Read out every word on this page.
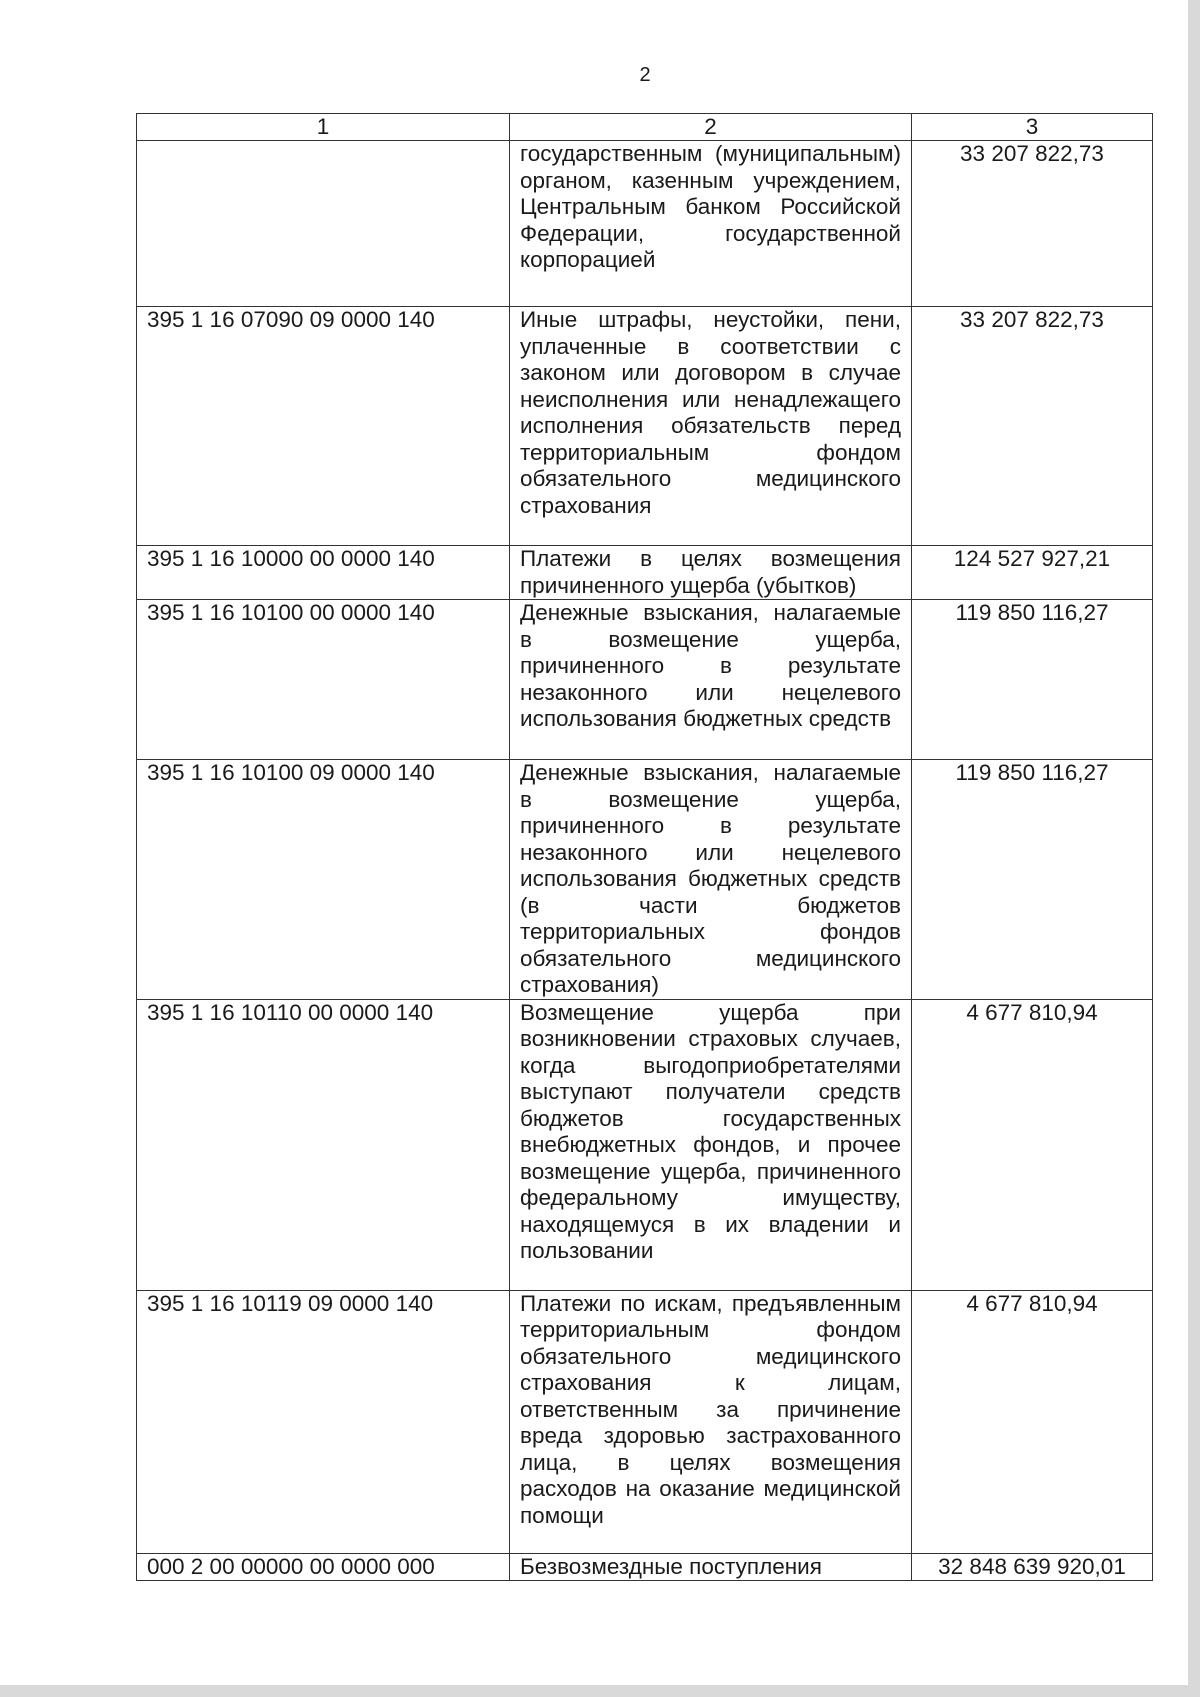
2
1	2	3
	государственным (муниципальным) органом, казенным учреждением, Центральным банком Российской Федерации, государственной корпорацией	33 207 822,73
395 1 16 07090 09 0000 140	Иные штрафы, неустойки, пени, уплаченные в соответствии с законом или договором в случае неисполнения или ненадлежащего исполнения обязательств перед территориальным фондом обязательного медицинского страхования	33 207 822,73
395 1 16 10000 00 0000 140	Платежи в целях возмещения причиненного ущерба (убытков)	124 527 927,21
395 1 16 10100 00 0000 140	Денежные взыскания, налагаемые в возмещение ущерба, причиненного в результате незаконного или нецелевого использования бюджетных средств	119 850 116,27
395 1 16 10100 09 0000 140	Денежные взыскания, налагаемые в возмещение ущерба, причиненного в результате незаконного или нецелевого использования бюджетных средств (в части бюджетов территориальных фондов обязательного медицинского страхования)	119 850 116,27
395 1 16 10110 00 0000 140	Возмещение ущерба при возникновении страховых случаев, когда выгодоприобретателями выступают получатели средств бюджетов государственных внебюджетных фондов, и прочее возмещение ущерба, причиненного федеральному имуществу, находящемуся в их владении и пользовании	4 677 810,94
395 1 16 10119 09 0000 140	Платежи по искам, предъявленным территориальным фондом обязательного медицинского страхования к лицам, ответственным за причинение вреда здоровью застрахованного лица, в целях возмещения расходов на оказание медицинской помощи	4 677 810,94
000 2 00 00000 00 0000 000	Безвозмездные поступления	32 848 639 920,01
